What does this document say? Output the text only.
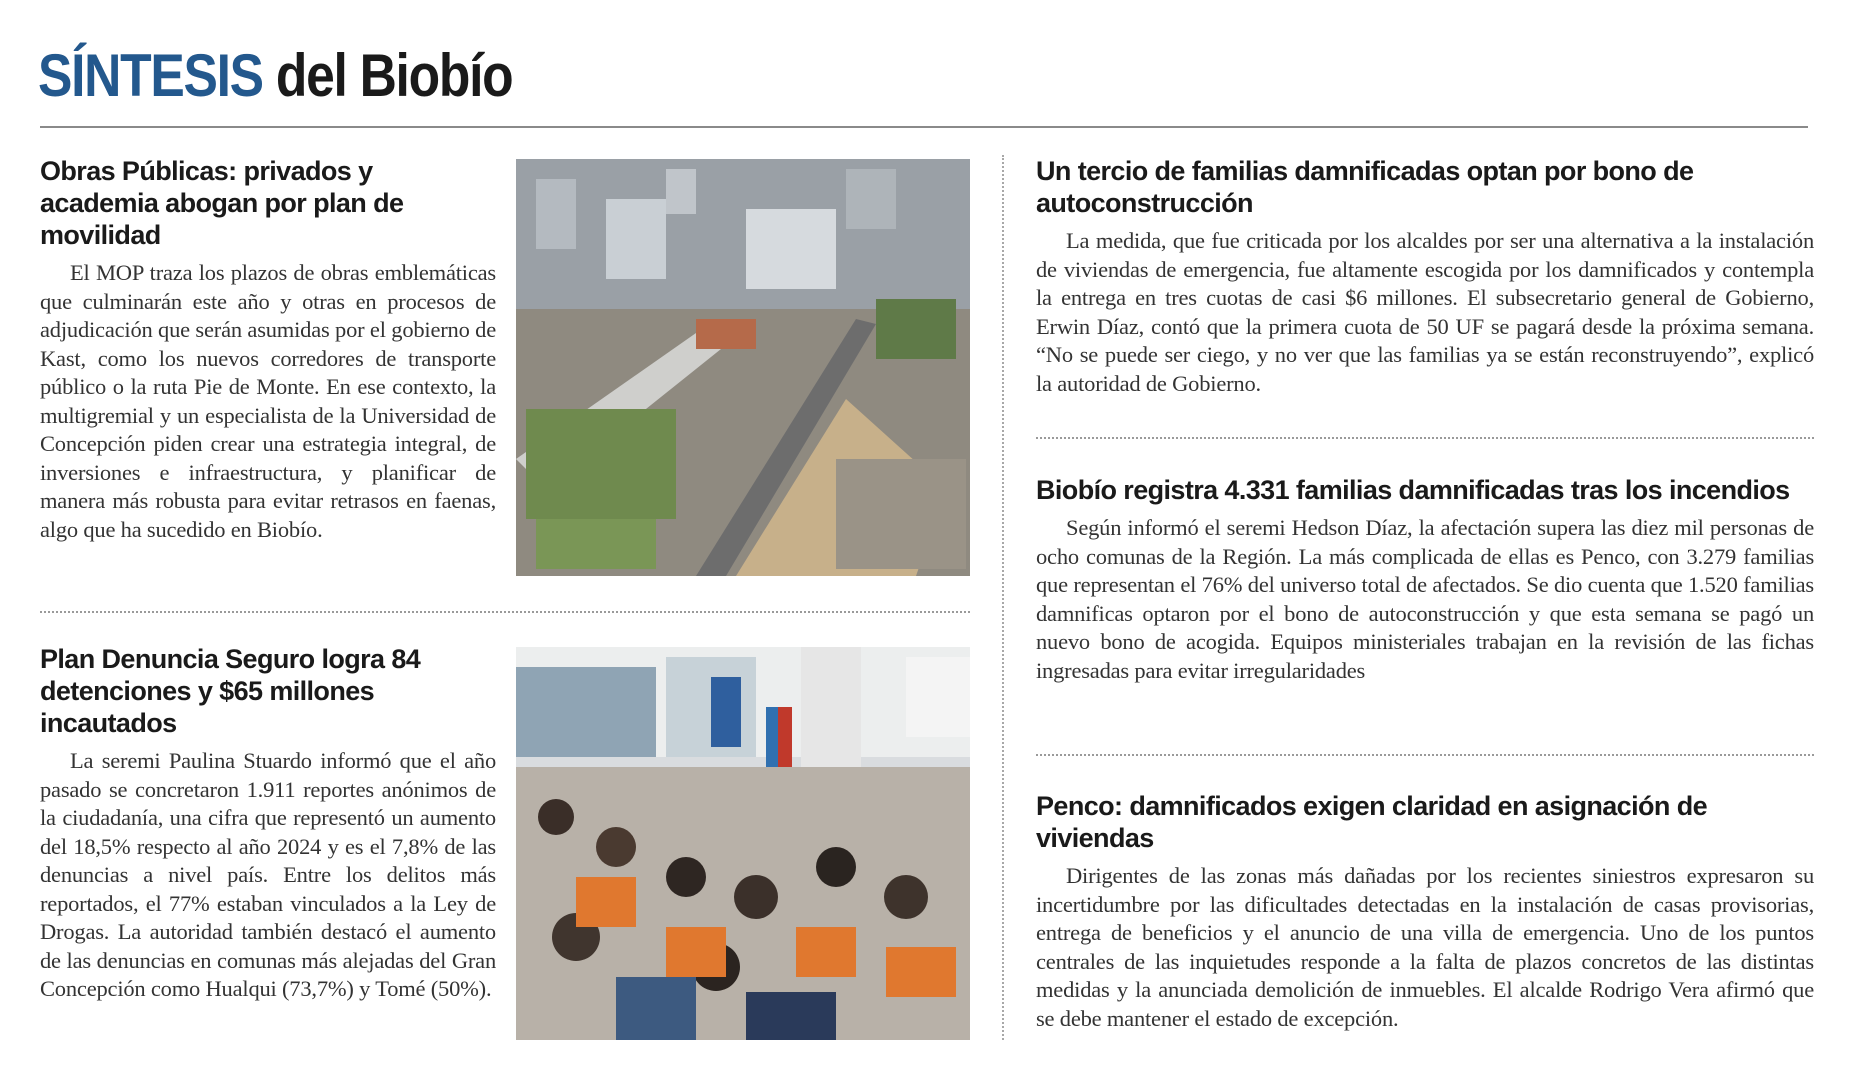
SÍNTESIS del Biobío
Obras Públicas: privados y academia abogan por plan de movilidad

El MOP traza los plazos de obras emblemáticas que culminarán este año y otras en procesos de adjudicación que serán asumidas por el gobierno de Kast, como los nuevos corredores de transporte público o la ruta Pie de Monte. En ese contexto, la multigremial y un especialista de la Universidad de Concepción piden crear una estrategia integral, de inversiones e infraestructura, y planificar de manera más robusta para evitar retrasos en faenas, algo que ha sucedido en Biobío.

Plan Denuncia Seguro logra 84 detenciones y $65 millones incautados

La seremi Paulina Stuardo informó que el año pasado se concretaron 1.911 reportes anónimos de la ciudadanía, una cifra que representó un aumento del 18,5% respecto al año 2024 y es el 7,8% de las denuncias a nivel país. Entre los delitos más reportados, el 77% estaban vinculados a la Ley de Drogas. La autoridad también destacó el aumento de las denuncias en comunas más alejadas del Gran Concepción como Hualqui (73,7%) y Tomé (50%).

Un tercio de familias damnificadas optan por bono de autoconstrucción

La medida, que fue criticada por los alcaldes por ser una alternativa a la instalación de viviendas de emergencia, fue altamente escogida por los damnificados y contempla la entrega en tres cuotas de casi $6 millones. El subsecretario general de Gobierno, Erwin Díaz, contó que la primera cuota de 50 UF se pagará desde la próxima semana. “No se puede ser ciego, y no ver que las familias ya se están reconstruyendo”, explicó la autoridad de Gobierno.

Biobío registra 4.331 familias damnificadas tras los incendios

Según informó el seremi Hedson Díaz, la afectación supera las diez mil personas de ocho comunas de la Región. La más complicada de ellas es Penco, con 3.279 familias que representan el 76% del universo total de afectados. Se dio cuenta que 1.520 familias damnificas optaron por el bono de autoconstrucción y que esta semana se pagó un nuevo bono de acogida. Equipos ministeriales trabajan en la revisión de las fichas ingresadas para evitar irregularidades

Penco: damnificados exigen claridad en asignación de viviendas

Dirigentes de las zonas más dañadas por los recientes siniestros expresaron su incertidumbre por las dificultades detectadas en la instalación de casas provisorias, entrega de beneficios y el anuncio de una villa de emergencia. Uno de los puntos centrales de las inquietudes responde a la falta de plazos concretos de las distintas medidas y la anunciada demolición de inmuebles. El alcalde Rodrigo Vera afirmó que se debe mantener el estado de excepción.
